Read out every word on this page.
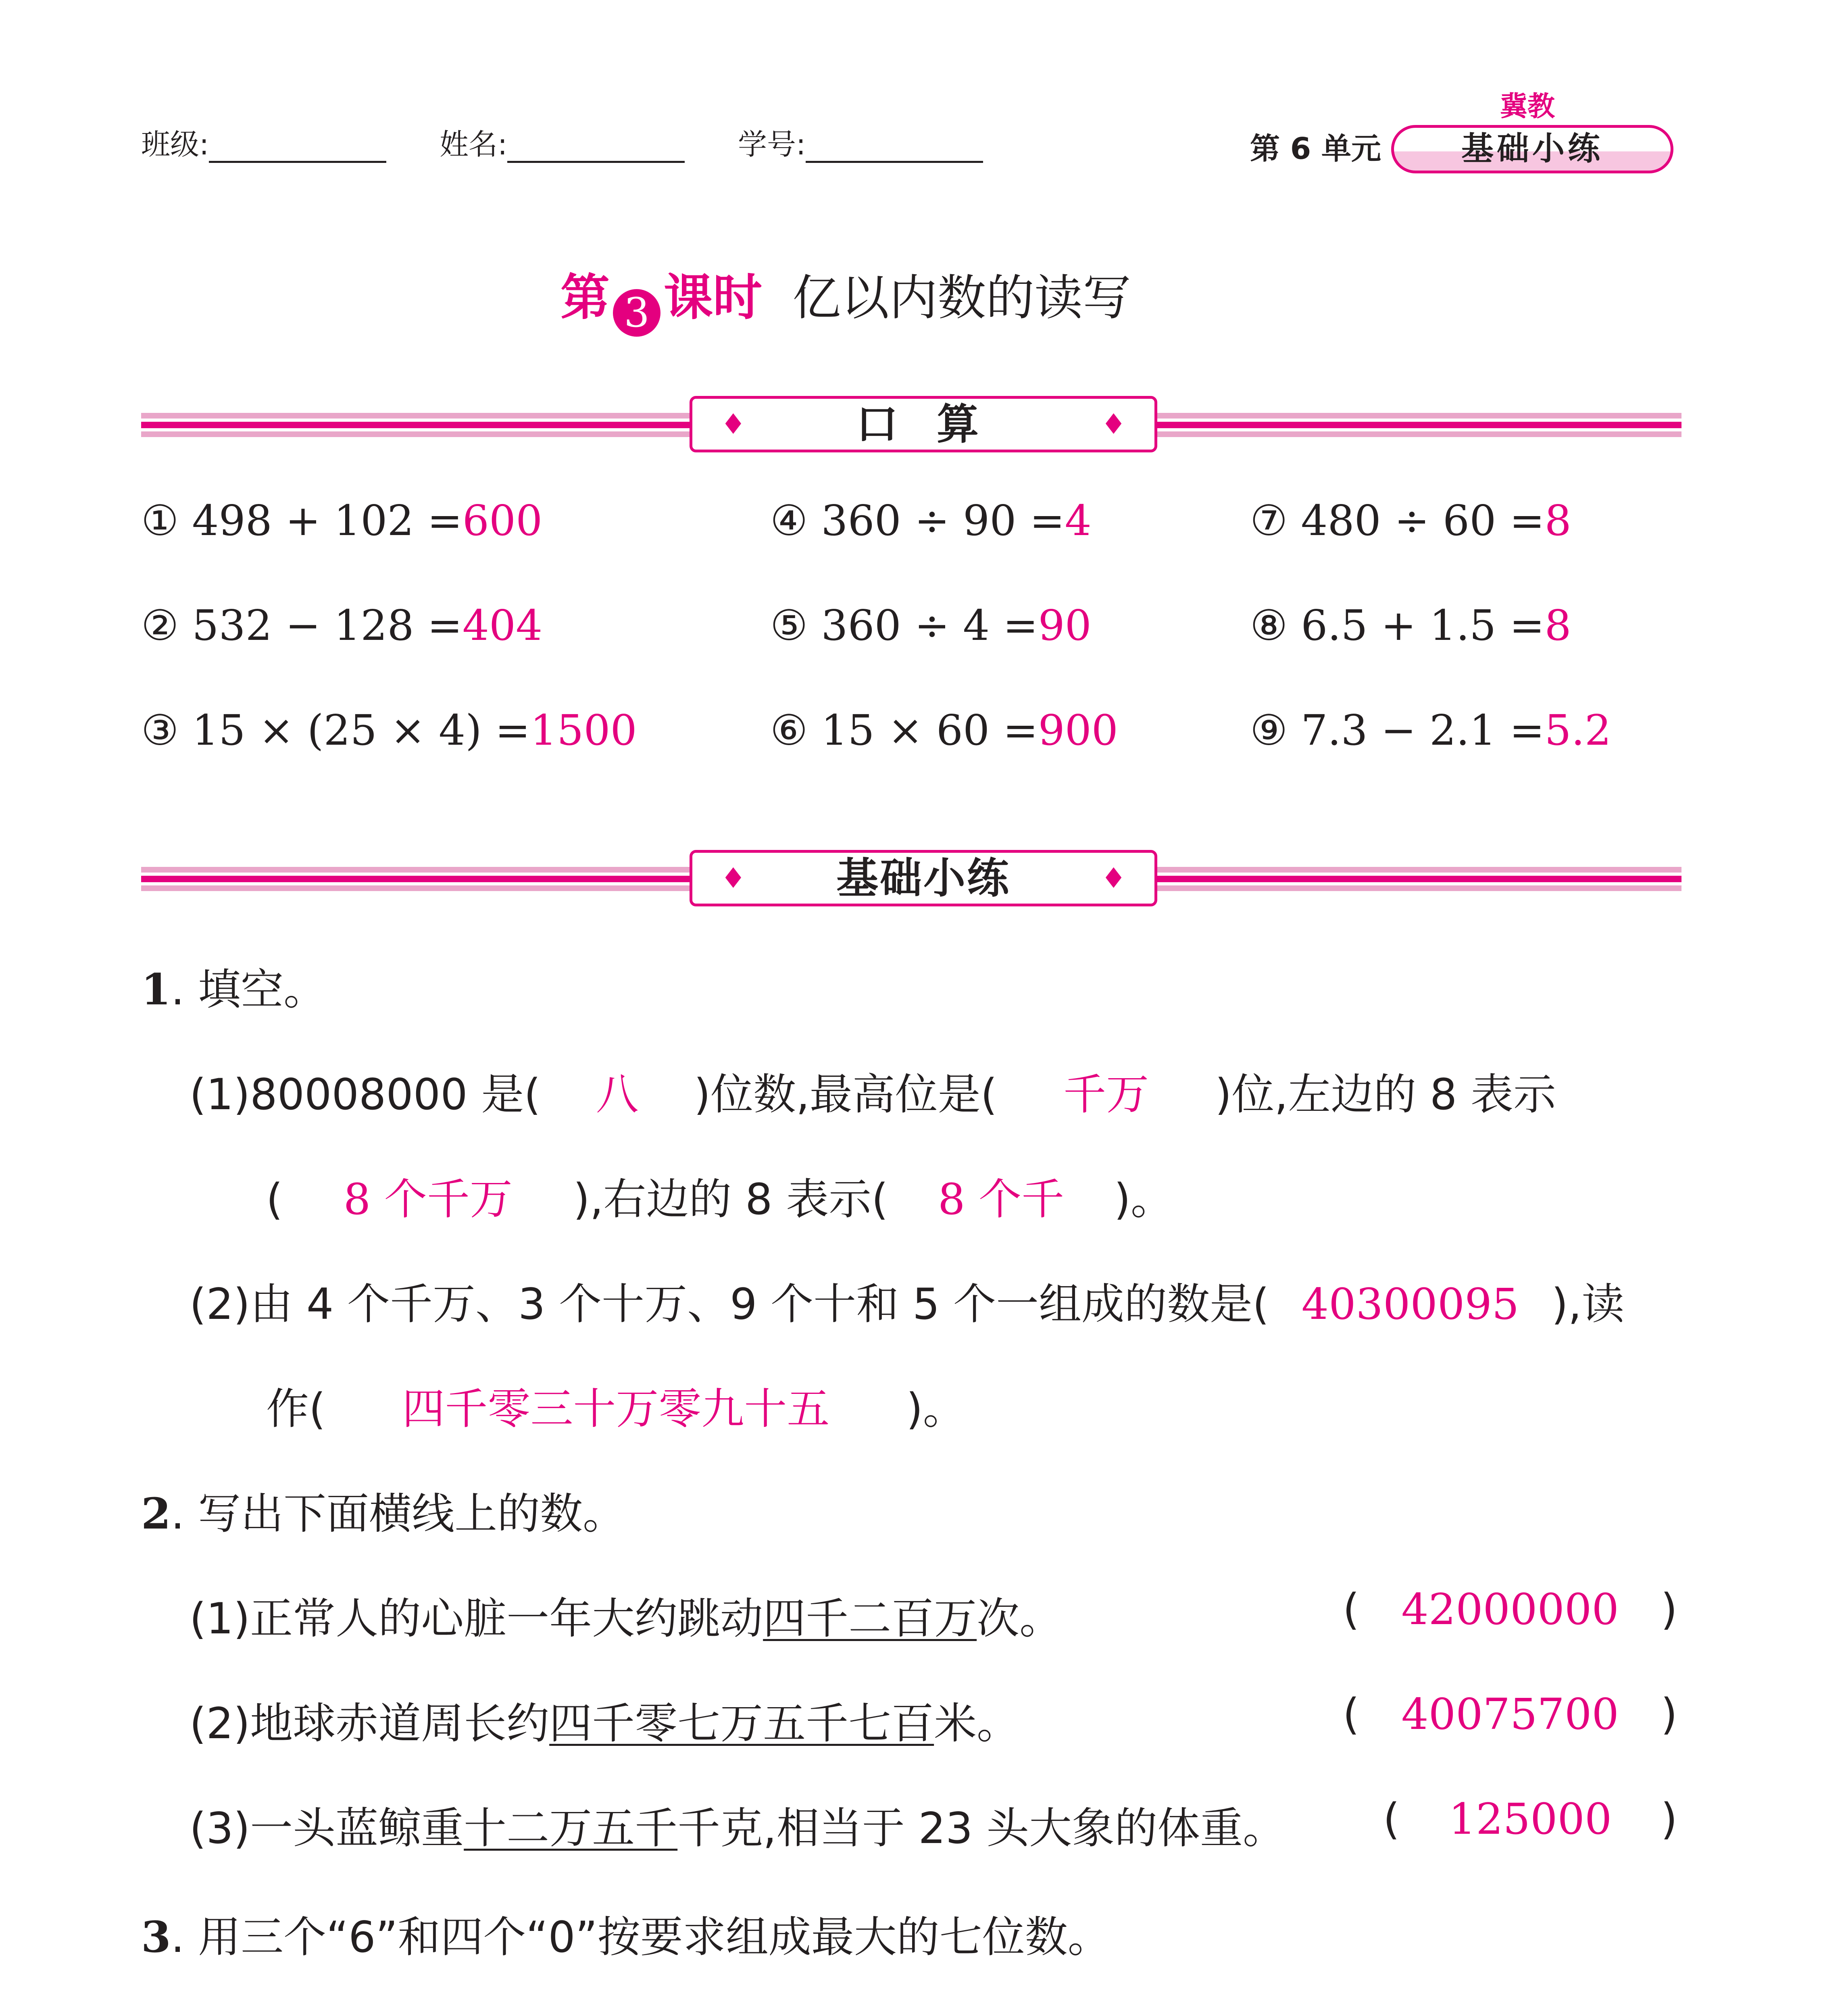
班级:	姓名:	学号:	第 6 单元
冀教
基础小练
第 3 课时 亿以内数的读写
♦	口 算	♦
① 498 + 102 =600	④ 360 ÷ 90 =4	⑦ 480 ÷ 60 =8
② 532 − 128 =404	⑤ 360 ÷ 4 =90	⑧ 6.5 + 1.5 =8
③ 15 × (25 × 4) =1500	⑥ 15 × 60 =900	⑨ 7.3 − 2.1 =5.2
♦	基础小练	♦
1. 填空。
(1)80008000 是( 八 )位数,最高位是( 千万 )位,左边的 8 表示
( 8 个千万 ),右边的 8 表示( 8 个千 )。
(2)由 4 个千万、3 个十万、9 个十和 5 个一组成的数是( 40300095 ),读
作( 四千零三十万零九十五 )。
2. 写出下面横线上的数。
(1)正常人的心脏一年大约跳动四千二百万次。	( 42000000 )
(2)地球赤道周长约四千零七万五千七百米。	( 40075700 )
(3)一头蓝鲸重十二万五千千克,相当于 23 头大象的体重。 (	125000	)
3. 用三个“6”和四个“0”按要求组成最大的七位数。
